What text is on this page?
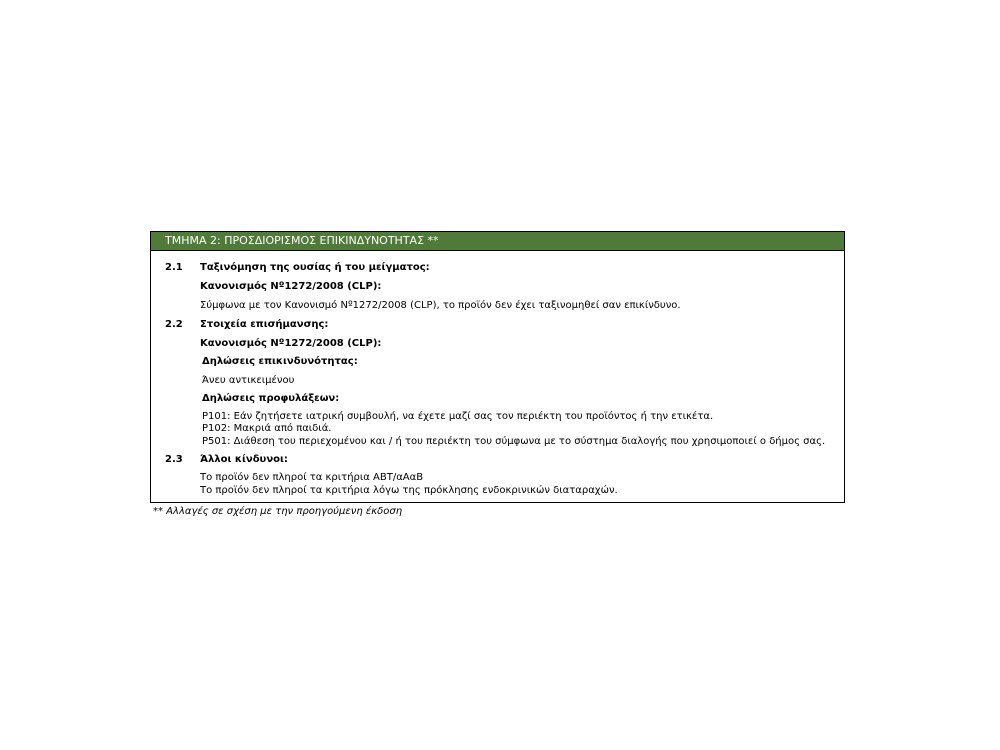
ΤΜΗΜΑ 2: ΠΡΟΣΔΙΟΡΙΣΜΟΣ ΕΠΙΚΙΝΔΥΝΟΤΗΤΑΣ **
2.1 Ταξινόμηση της ουσίας ή του μείγματος:
Κανονισμός Nº1272/2008 (CLP):
Σύμφωνα με τον Κανονισμό Nº1272/2008 (CLP), το προϊόν δεν έχει ταξινομηθεί σαν επικίνδυνο.
2.2 Στοιχεία επισήμανσης:
Κανονισμός Nº1272/2008 (CLP):
Δηλώσεις επικινδυνότητας:
Άνευ αντικειμένου
Δηλώσεις προφυλάξεων:
P101: Εάν ζητήσετε ιατρική συμβουλή, να έχετε μαζί σας τον περιέκτη του προϊόντος ή την ετικέτα.
P102: Μακριά από παιδιά.
P501: Διάθεση του περιεχομένου και / ή του περιέκτη του σύμφωνα με το σύστημα διαλογής που χρησιμοποιεί ο δήμος σας.
2.3 Άλλοι κίνδυνοι:
Το προϊόν δεν πληροί τα κριτήρια ΑΒΤ/αΑαΒ
Το προϊόν δεν πληροί τα κριτήρια λόγω της πρόκλησης ενδοκρινικών διαταραχών.
** Αλλαγές σε σχέση με την προηγούμενη έκδοση
